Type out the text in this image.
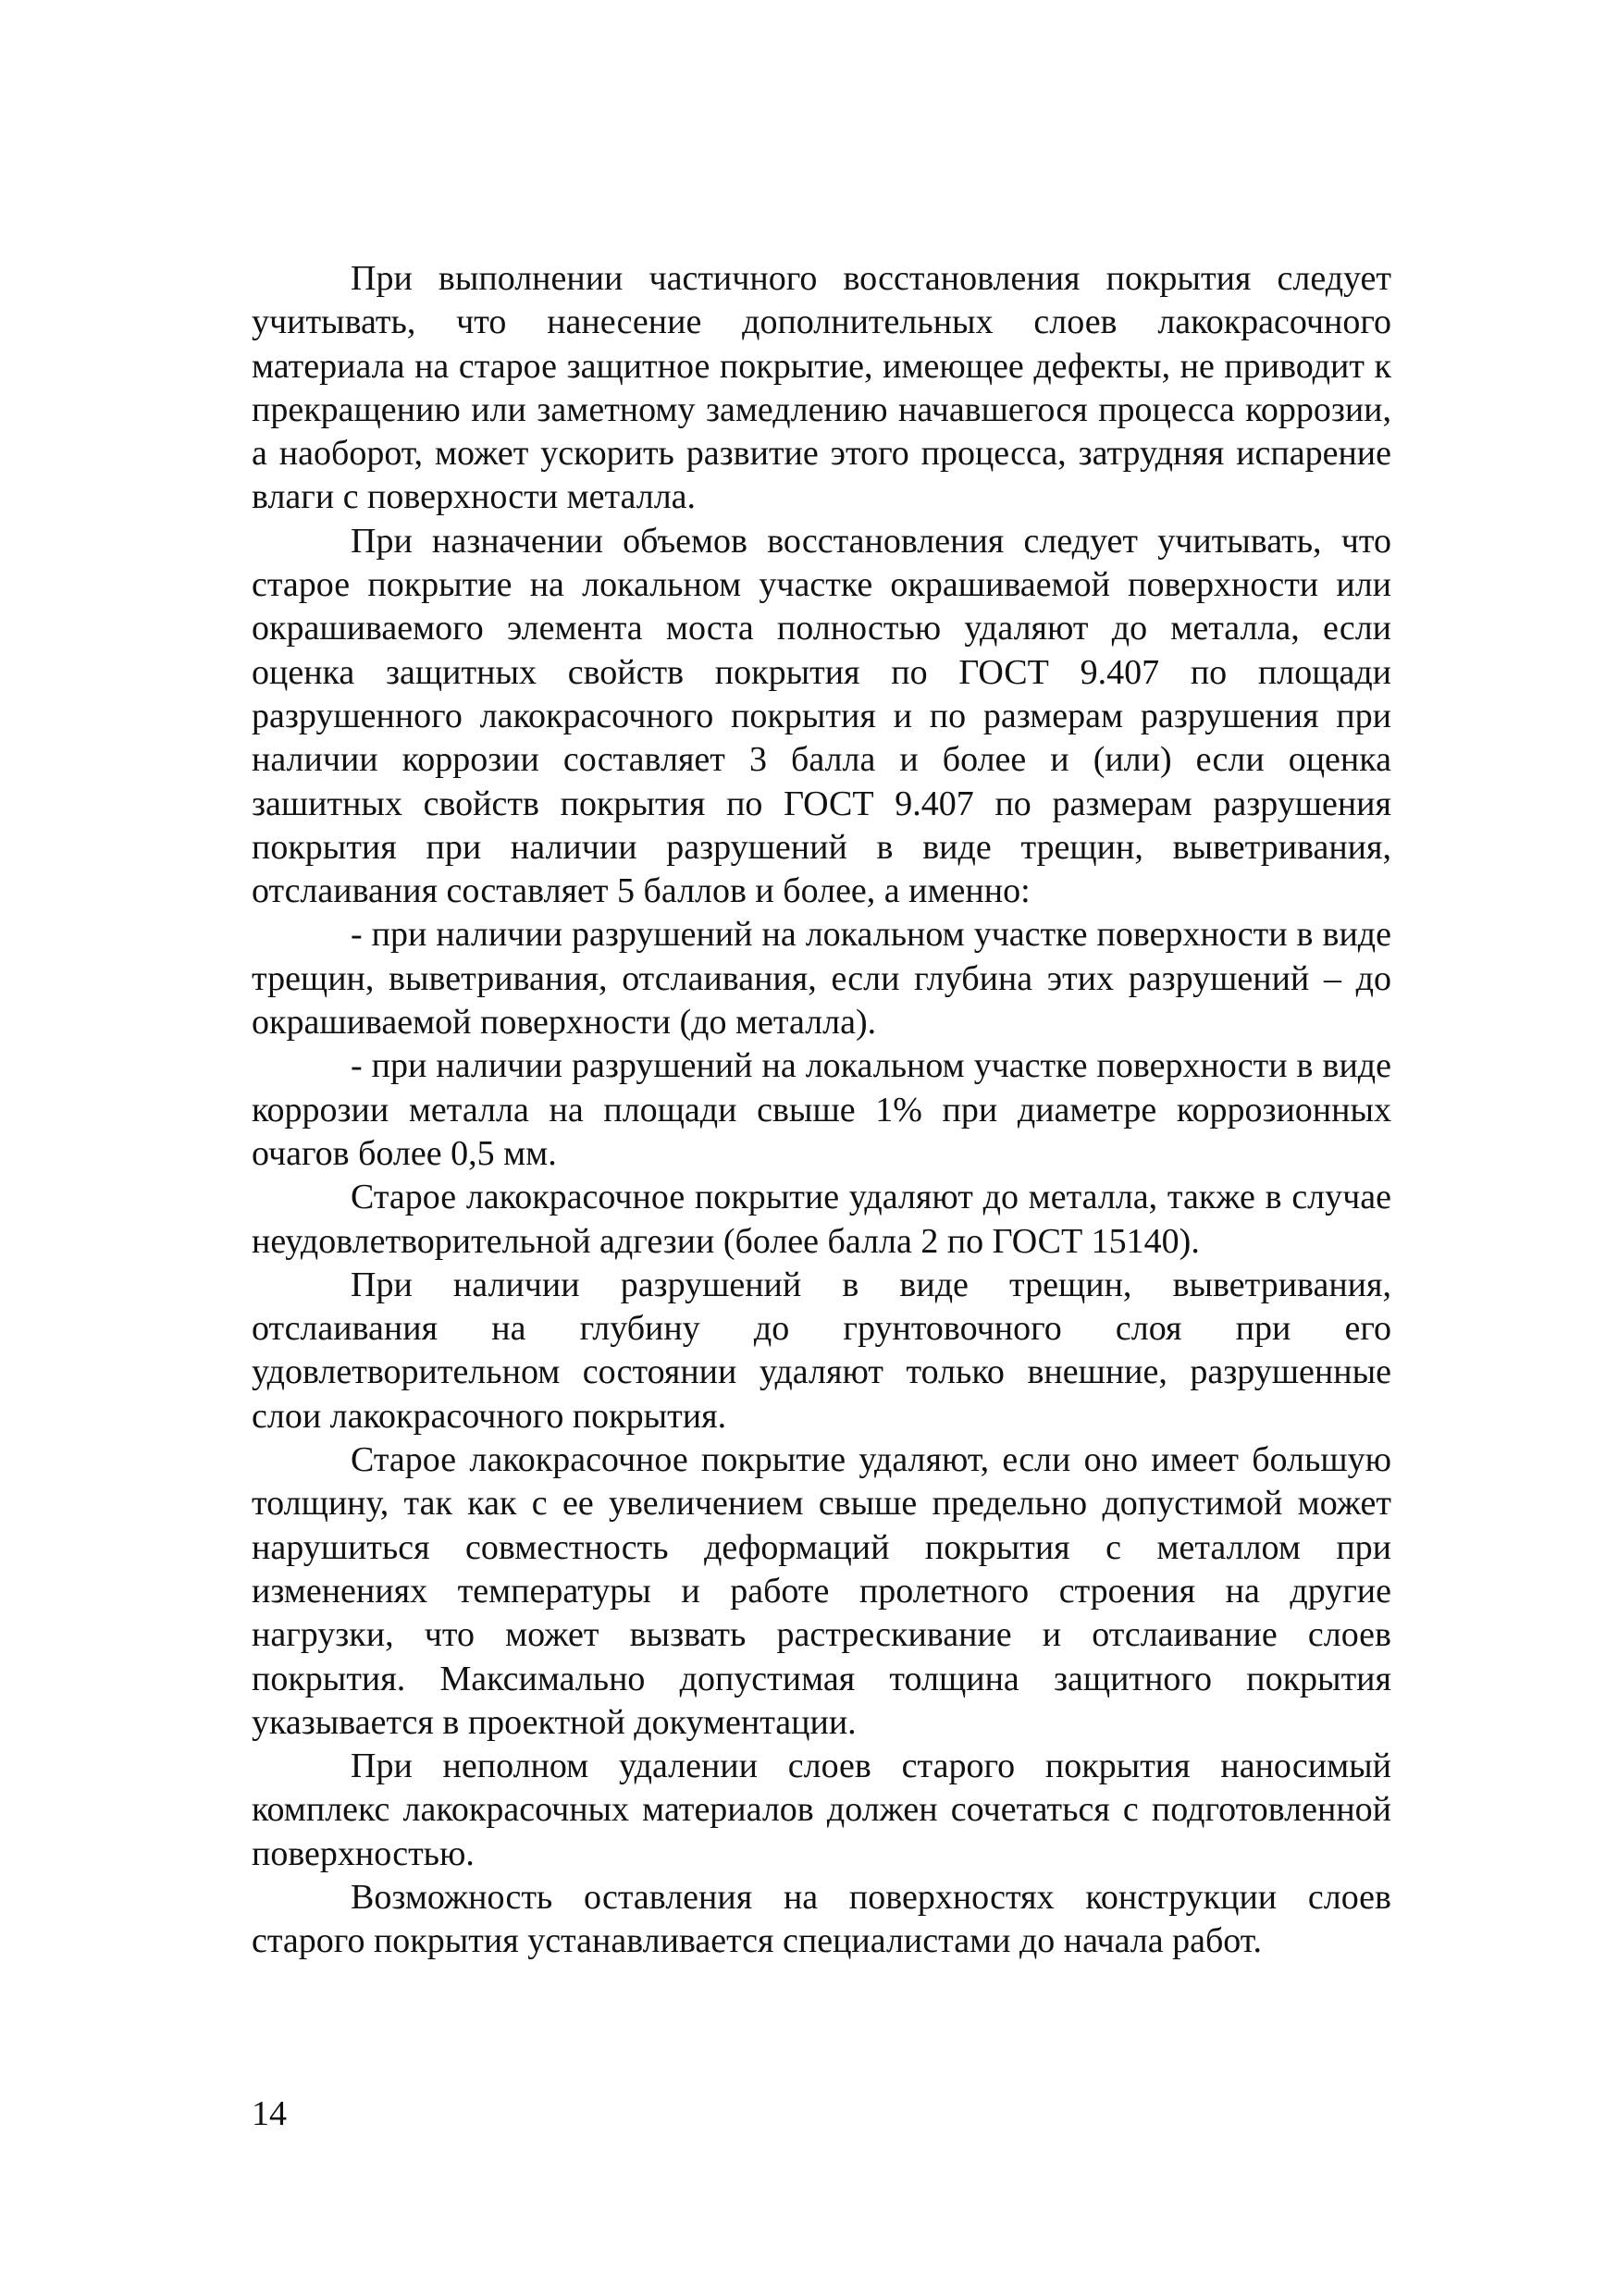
При выполнении частичного восстановления покрытия следует учитывать, что нанесение дополнительных слоев лакокрасочного материала на старое защитное покрытие, имеющее дефекты, не приводит к прекращению или заметному замедлению начавшегося процесса коррозии, а наоборот, может ускорить развитие этого процесса, затрудняя испарение влаги с поверхности металла.

При назначении объемов восстановления следует учитывать, что старое покрытие на локальном участке окрашиваемой поверхности или окрашиваемого элемента моста полностью удаляют до металла, если оценка защитных свойств покрытия по ГОСТ 9.407 по площади разрушенного лакокрасочного покрытия и по размерам разрушения при наличии коррозии составляет 3 балла и более и (или) если оценка зашитных свойств покрытия по ГОСТ 9.407 по размерам разрушения покрытия при наличии разрушений в виде трещин, выветривания, отслаивания составляет 5 баллов и более, а именно:

- при наличии разрушений на локальном участке поверхности в виде трещин, выветривания, отслаивания, если глубина этих разрушений – до окрашиваемой поверхности (до металла).

- при наличии разрушений на локальном участке поверхности в виде коррозии металла на площади свыше 1% при диаметре коррозионных очагов более 0,5 мм.

Старое лакокрасочное покрытие удаляют до металла, также в случае неудовлетворительной адгезии (более балла 2 по ГОСТ 15140).

При наличии разрушений в виде трещин, выветривания, отслаивания на глубину до грунтовочного слоя при его удовлетворительном состоянии удаляют только внешние, разрушенные слои лакокрасочного покрытия.

Старое лакокрасочное покрытие удаляют, если оно имеет большую толщину, так как с ее увеличением свыше предельно допустимой может нарушиться совместность деформаций покрытия с металлом при изменениях температуры и работе пролетного строения на другие нагрузки, что может вызвать растрескивание и отслаивание слоев покрытия. Максимально допустимая толщина защитного покрытия указывается в проектной документации.

При неполном удалении слоев старого покрытия наносимый комплекс лакокрасочных материалов должен сочетаться с подготовленной поверхностью.

Возможность оставления на поверхностях конструкции слоев старого покрытия устанавливается специалистами до начала работ.

14
